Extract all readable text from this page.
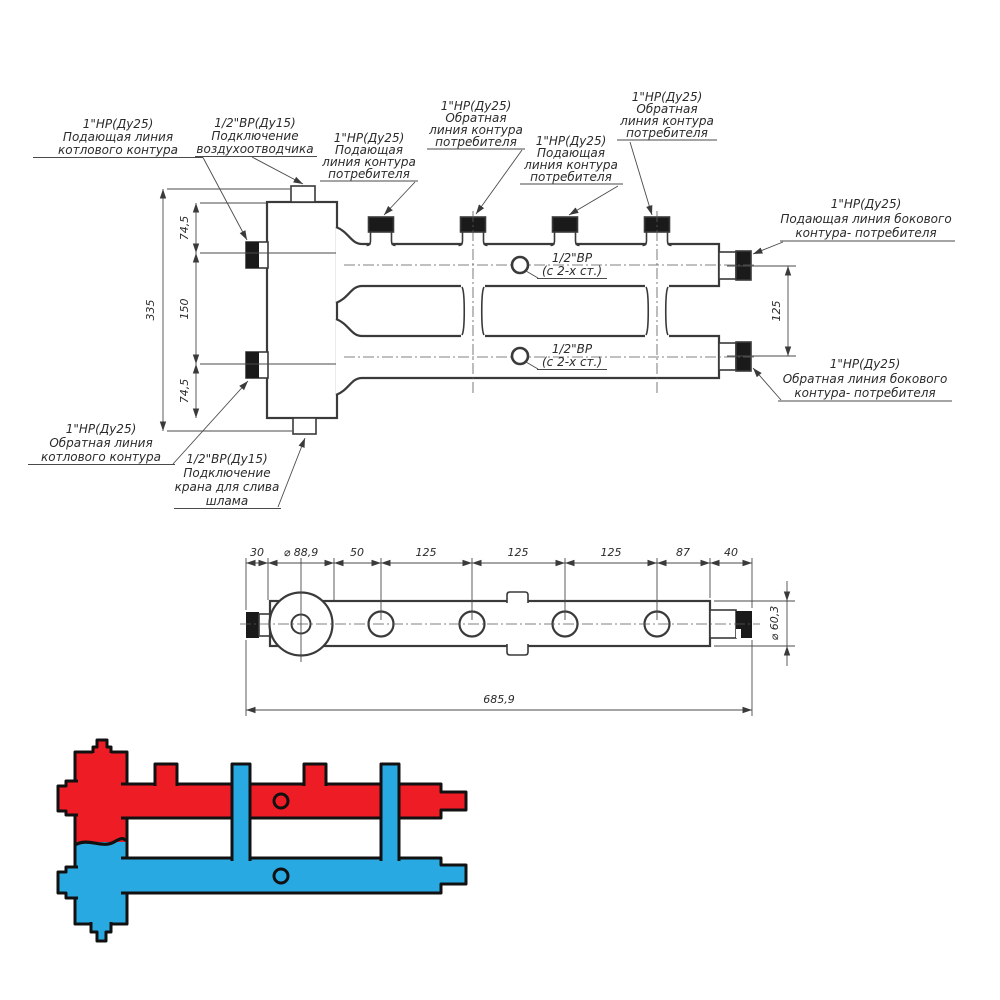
1/2"ВР
(с 2-х ст.)
1/2"ВР
(с 2-х ст.)
335
74,5
150
74,5
125
1"НР(Ду25)
Подающая линия
котлового контура
1/2"ВР(Ду15)
Подключение
воздухоотводчика
1"НР(Ду25)
Подающая
линия контура
потребителя
1"НР(Ду25)
Обратная
линия контура
потребителя 1"НР(Ду25)
Подающая
линия контура
потребителя
1"НР(Ду25)
Обратная
линия контура
потребителя
1"НР(Ду25)
Подающая линия бокового
контура- потребителя
1"НР(Ду25)
Обратная линия бокового
контура- потребителя
1"НР(Ду25)
Обратная линия
котлового контура 1/2"ВР(Ду15)
Подключение
крана для слива
шлама
30 ⌀ 88,9	50	125	125	125	87	40
685,9
⌀ 60,3
